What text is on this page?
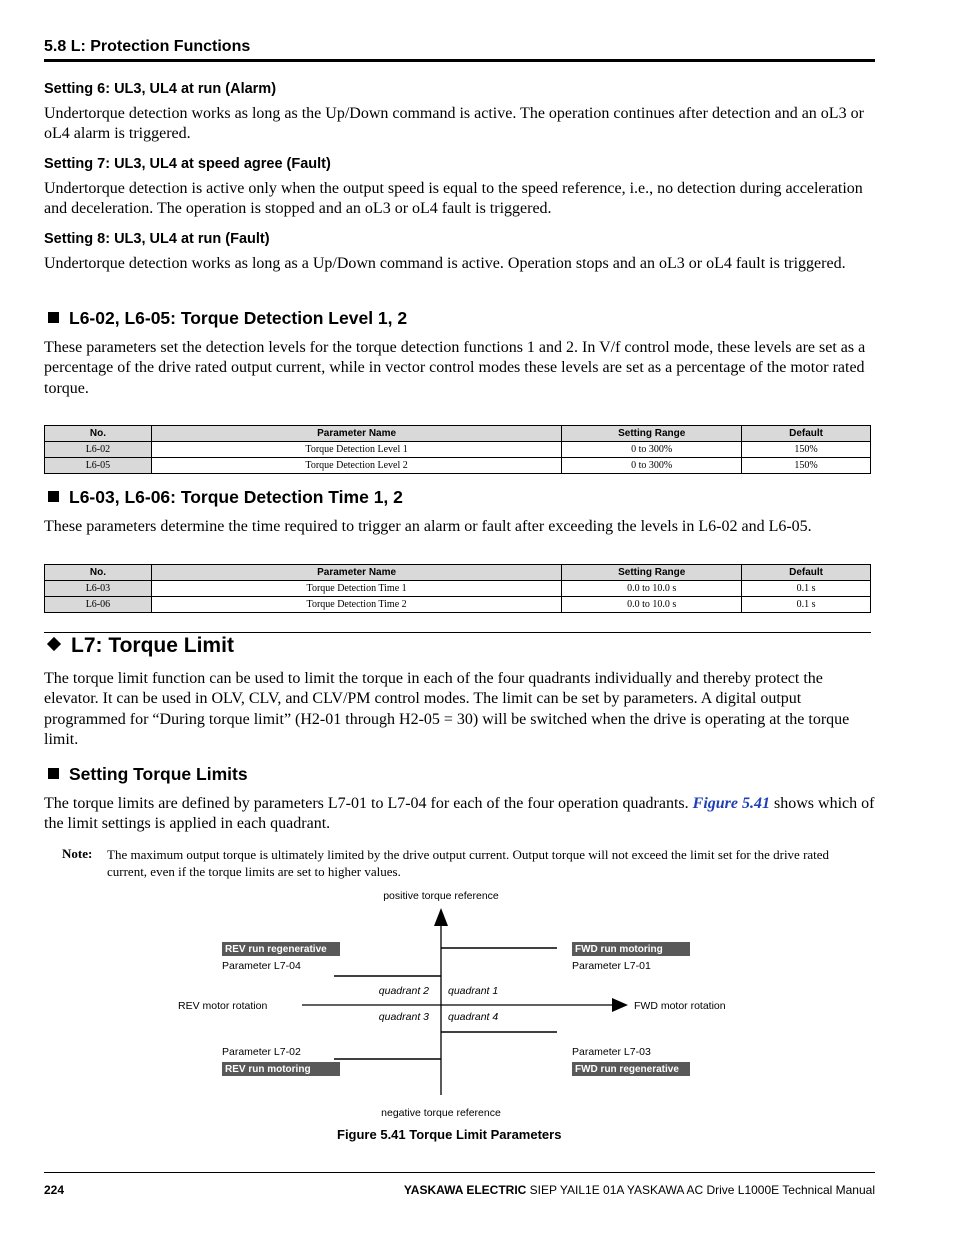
5.8 L: Protection Functions
Setting 6: UL3, UL4 at run (Alarm)
Undertorque detection works as long as the Up/Down command is active. The operation continues after detection and an oL3 or oL4 alarm is triggered.
Setting 7: UL3, UL4 at speed agree (Fault)
Undertorque detection is active only when the output speed is equal to the speed reference, i.e., no detection during acceleration and deceleration. The operation is stopped and an oL3 or oL4 fault is triggered.
Setting 8: UL3, UL4 at run (Fault)
Undertorque detection works as long as a Up/Down command is active. Operation stops and an oL3 or oL4 fault is triggered.
L6-02, L6-05: Torque Detection Level 1, 2
These parameters set the detection levels for the torque detection functions 1 and 2. In V/f control mode, these levels are set as a percentage of the drive rated output current, while in vector control modes these levels are set as a percentage of the motor rated torque.
No.	Parameter Name	Setting Range	Default
L6-02	Torque Detection Level 1	0 to 300%	150%
L6-05	Torque Detection Level 2	0 to 300%	150%
L6-03, L6-06: Torque Detection Time 1, 2
These parameters determine the time required to trigger an alarm or fault after exceeding the levels in L6-02 and L6-05.
No.	Parameter Name	Setting Range	Default
L6-03	Torque Detection Time 1	0.0 to 10.0 s	0.1 s
L6-06	Torque Detection Time 2	0.0 to 10.0 s	0.1 s
L7: Torque Limit
The torque limit function can be used to limit the torque in each of the four quadrants individually and thereby protect the elevator. It can be used in OLV, CLV, and CLV/PM control modes. The limit can be set by parameters. A digital output programmed for “During torque limit” (H2-01 through H2-05 = 30) will be switched when the drive is operating at the torque limit.
Setting Torque Limits
The torque limits are defined by parameters L7-01 to L7-04 for each of the four operation quadrants. Figure 5.41 shows which of the limit settings is applied in each quadrant.
Note: The maximum output torque is ultimately limited by the drive output current. Output torque will not exceed the limit set for the drive rated current, even if the torque limits are set to higher values.
positive torque reference
negative torque reference
REV motor rotation	FWD motor rotation
quadrant 1
quadrant 2
quadrant 3 quadrant 4
REV run regenerative
Parameter L7-04
FWD run motoring
Parameter L7-01
Parameter L7-02
REV run motoring
Parameter L7-03
FWD run regenerative
Figure 5.41 Torque Limit Parameters
224	YASKAWA ELECTRIC SIEP YAIL1E 01A YASKAWA AC Drive L1000E Technical Manual
